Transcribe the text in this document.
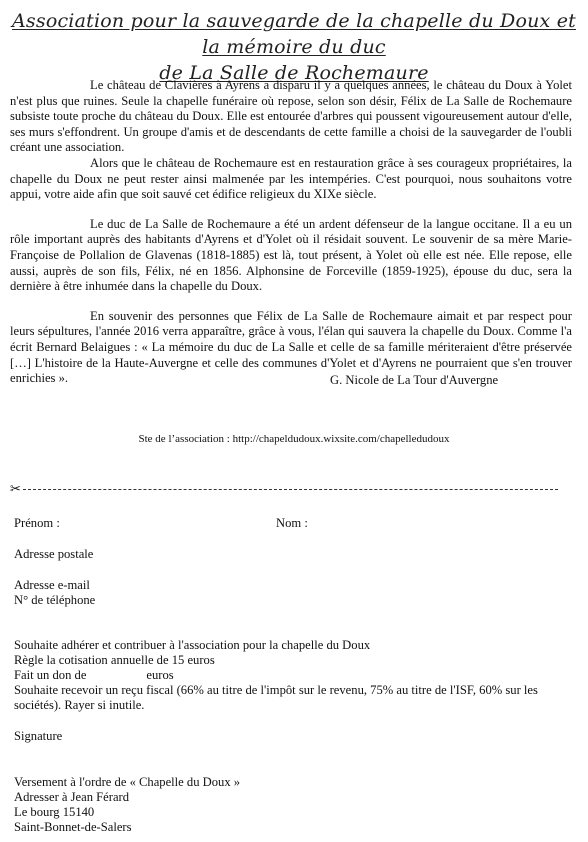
Association pour la sauvegarde de la chapelle du Doux et la mémoire du duc
de La Salle de Rochemaure

Le château de Clavières à Ayrens a disparu il y a quelques années, le château du Doux à Yolet n'est plus que ruines. Seule la chapelle funéraire où repose, selon son désir, Félix de La Salle de Rochemaure subsiste toute proche du château du Doux. Elle est entourée d'arbres qui poussent vigoureusement autour d'elle, ses murs s'effondrent. Un groupe d'amis et de descendants de cette famille a choisi de la sauvegarder de l'oubli créant une association.

Alors que le château de Rochemaure est en restauration grâce à ses courageux propriétaires, la chapelle du Doux ne peut rester ainsi malmenée par les intempéries. C'est pourquoi, nous souhaitons votre appui, votre aide afin que soit sauvé cet édifice religieux du XIXe siècle.

Le duc de La Salle de Rochemaure a été un ardent défenseur de la langue occitane. Il a eu un rôle important auprès des habitants d'Ayrens et d'Yolet où il résidait souvent. Le souvenir de sa mère Marie-Françoise de Pollalion de Glavenas (1818-1885) est là, tout présent, à Yolet où elle est née. Elle repose, elle aussi, auprès de son fils, Félix, né en 1856. Alphonsine de Forceville (1859-1925), épouse du duc, sera la dernière à être inhumée dans la chapelle du Doux.

En souvenir des personnes que Félix de La Salle de Rochemaure aimait et par respect pour leurs sépultures, l'année 2016 verra apparaître, grâce à vous, l'élan qui sauvera la chapelle du Doux. Comme l'a écrit Bernard Belaigues : « La mémoire du duc de La Salle et celle de sa famille mériteraient d'être préservée […] L'histoire de la Haute-Auvergne et celle des communes d'Yolet et d'Ayrens ne pourraient que s'en trouver enrichies ».	G. Nicole de La Tour d'Auvergne
Ste de l’association : http://chapeldudoux.wixsite.com/chapelledudoux
✂
Prénom :	Nom :
Adresse postale
Adresse e-mail
N° de téléphone
Souhaite adhérer et contribuer à l'association pour la chapelle du Doux
Règle la cotisation annuelle de 15 euros
Fait un don de	euros
Souhaite recevoir un reçu fiscal (66% au titre de l'impôt sur le revenu, 75% au titre de l'ISF, 60% sur les
sociétés). Rayer si inutile.
Signature
Versement à l'ordre de « Chapelle du Doux »
Adresser à Jean Férard
Le bourg 15140
Saint-Bonnet-de-Salers
